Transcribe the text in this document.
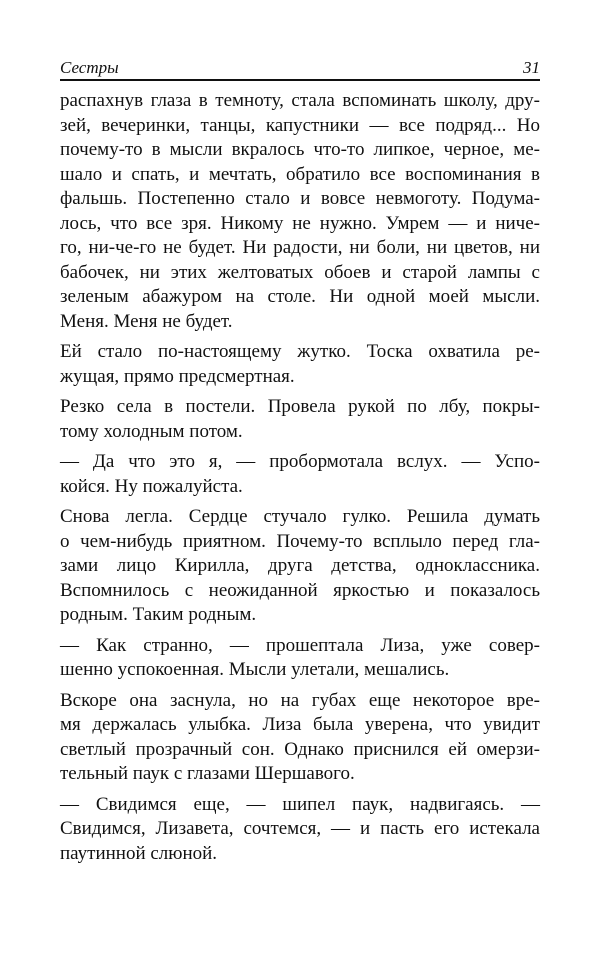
Сестры	31

распахнув глаза в темноту, стала вспоминать школу, дру-
зей, вечеринки, танцы, капустники — все подряд... Но
почему-то в мысли вкралось что-то липкое, черное, ме-
шало и спать, и мечтать, обратило все воспоминания в
фальшь. Постепенно стало и вовсе невмоготу. Подума-
лось, что все зря. Никому не нужно. Умрем — и ниче-
го, ни-че-го не будет. Ни радости, ни боли, ни цветов, ни
бабочек, ни этих желтоватых обоев и старой лампы с
зеленым абажуром на столе. Ни одной моей мысли.
Меня. Меня не будет.

Ей стало по-настоящему жутко. Тоска охватила ре-
жущая, прямо предсмертная.

Резко села в постели. Провела рукой по лбу, покры-
тому холодным потом.

— Да что это я, — пробормотала вслух. — Успо-
койся. Ну пожалуйста.

Снова легла. Сердце стучало гулко. Решила думать
о чем-нибудь приятном. Почему-то всплыло перед гла-
зами лицо Кирилла, друга детства, одноклассника.
Вспомнилось с неожиданной яркостью и показалось
родным. Таким родным.

— Как странно, — прошептала Лиза, уже совер-
шенно успокоенная. Мысли улетали, мешались.

Вскоре она заснула, но на губах еще некоторое вре-
мя держалась улыбка. Лиза была уверена, что увидит
светлый прозрачный сон. Однако приснился ей омерзи-
тельный паук с глазами Шершавого.

— Свидимся еще, — шипел паук, надвигаясь. —
Свидимся, Лизавета, сочтемся, — и пасть его истекала
паутинной слюной.
